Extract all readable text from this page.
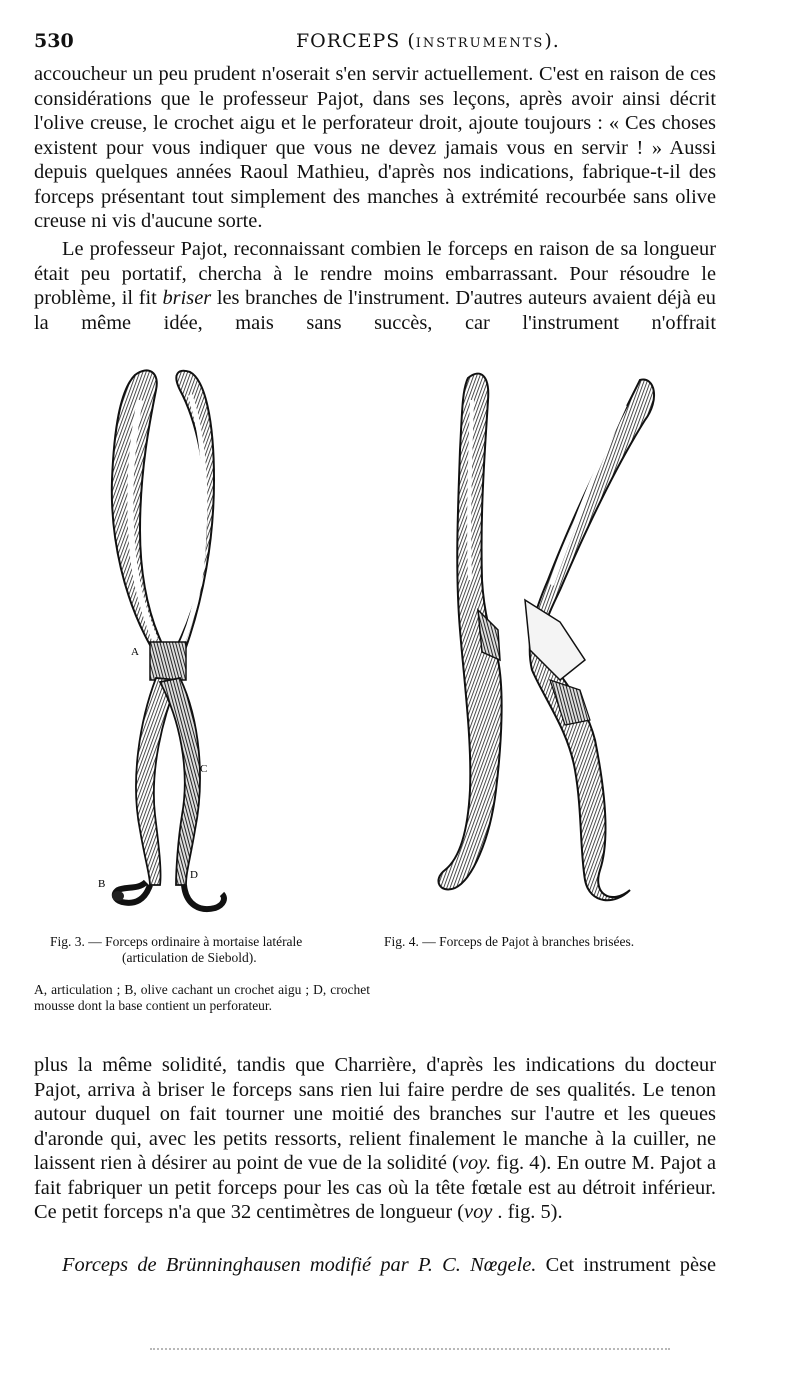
530	FORCEPS (INSTRUMENTS).

accoucheur un peu prudent n'oserait s'en servir actuellement. C'est en raison de ces considérations que le professeur Pajot, dans ses leçons, après avoir ainsi décrit l'olive creuse, le crochet aigu et le perforateur droit, ajoute toujours : « Ces choses existent pour vous indiquer que vous ne devez jamais vous en servir ! » Aussi depuis quelques années Raoul Mathieu, d'après nos indications, fabrique-t-il des forceps présentant tout simplement des manches à extrémité recourbée sans olive creuse ni vis d'aucune sorte.

Le professeur Pajot, reconnaissant combien le forceps en raison de sa longueur était peu portatif, chercha à le rendre moins embarrassant. Pour résoudre le problème, il fit briser les branches de l'instrument. D'autres auteurs avaient déjà eu la même idée, mais sans succès, car l'instrument n'offrait

A
B
C
D
Fig. 3. — Forceps ordinaire à mortaise latérale
(articulation de Siebold).
A, articulation ; B, olive cachant un crochet aigu ; D, crochet mousse dont la base contient un perforateur.
Fig. 4. — Forceps de Pajot à branches brisées.

plus la même solidité, tandis que Charrière, d'après les indications du docteur Pajot, arriva à briser le forceps sans rien lui faire perdre de ses qualités. Le tenon autour duquel on fait tourner une moitié des branches sur l'autre et les queues d'aronde qui, avec les petits ressorts, relient finalement le manche à la cuiller, ne laissent rien à désirer au point de vue de la solidité (voy. fig. 4). En outre M. Pajot a fait fabriquer un petit forceps pour les cas où la tête fœtale est au détroit inférieur. Ce petit forceps n'a que 32 centimètres de longueur (voy . fig. 5).

Forceps de Brünninghausen modifié par P. C. Nœgele. Cet instrument pèse
